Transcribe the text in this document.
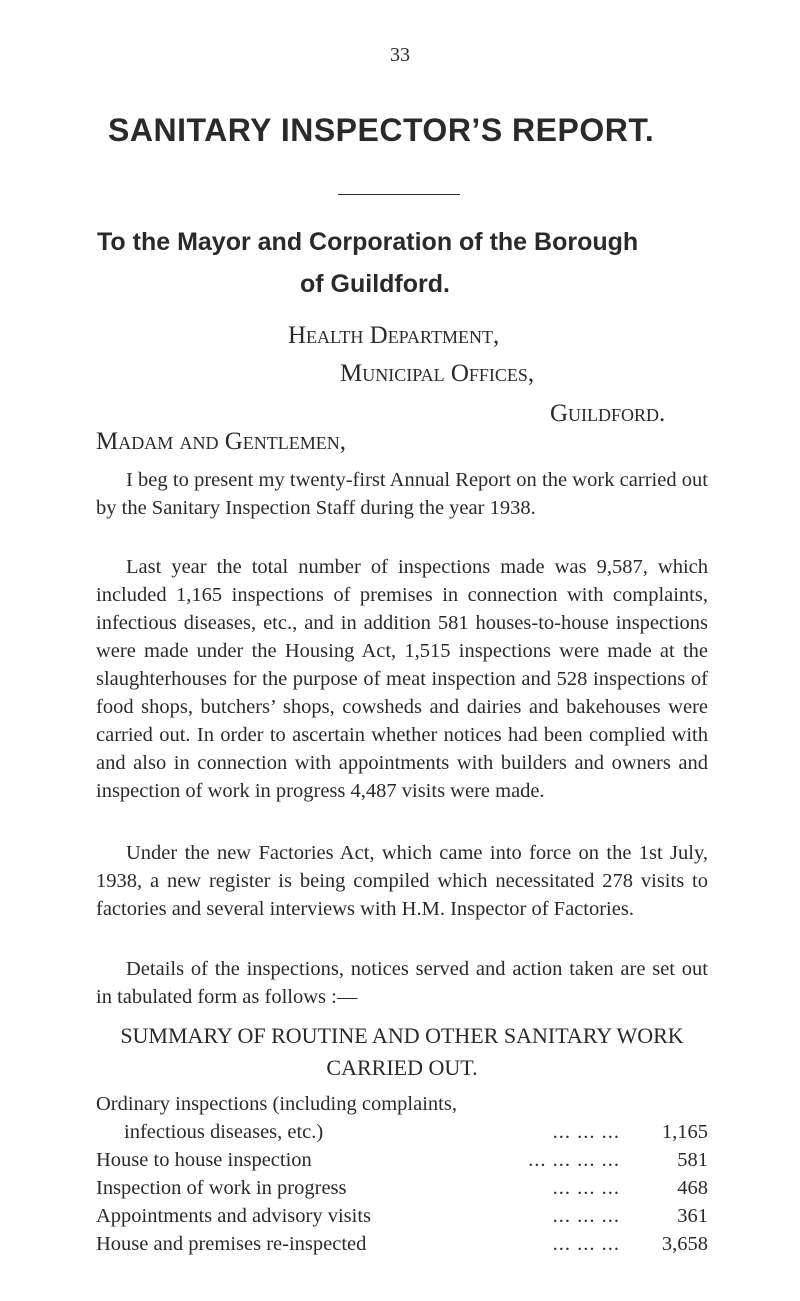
33
SANITARY INSPECTOR’S REPORT.
To the Mayor and Corporation of the Borough
of Guildford.
Health Department,
Municipal Offices,
Guildford.
Madam and Gentlemen,

I beg to present my twenty-first Annual Report on the work carried out by the Sanitary Inspection Staff during the year 1938.

Last year the total number of inspections made was 9,587, which included 1,165 inspections of premises in connection with complaints, infectious diseases, etc., and in addition 581 houses-to-house inspections were made under the Housing Act, 1,515 inspections were made at the slaughterhouses for the purpose of meat inspection and 528 inspections of food shops, butchers’ shops, cowsheds and dairies and bakehouses were carried out. In order to ascertain whether notices had been complied with and also in connection with appointments with builders and owners and inspection of work in progress 4,487 visits were made.

Under the new Factories Act, which came into force on the 1st July, 1938, a new register is being compiled which necessitated 278 visits to factories and several interviews with H.M. Inspector of Factories.

Details of the inspections, notices served and action taken are set out in tabulated form as follows :—

SUMMARY OF ROUTINE AND OTHER SANITARY WORK CARRIED OUT.

Ordinary inspections (including complaints,
infectious diseases, etc.)	... ... ...	1,165
House to house inspection	... ... ... ...	581
Inspection of work in progress	... ... ...	468
Appointments and advisory visits	... ... ...	361
House and premises re-inspected	... ... ...	3,658
